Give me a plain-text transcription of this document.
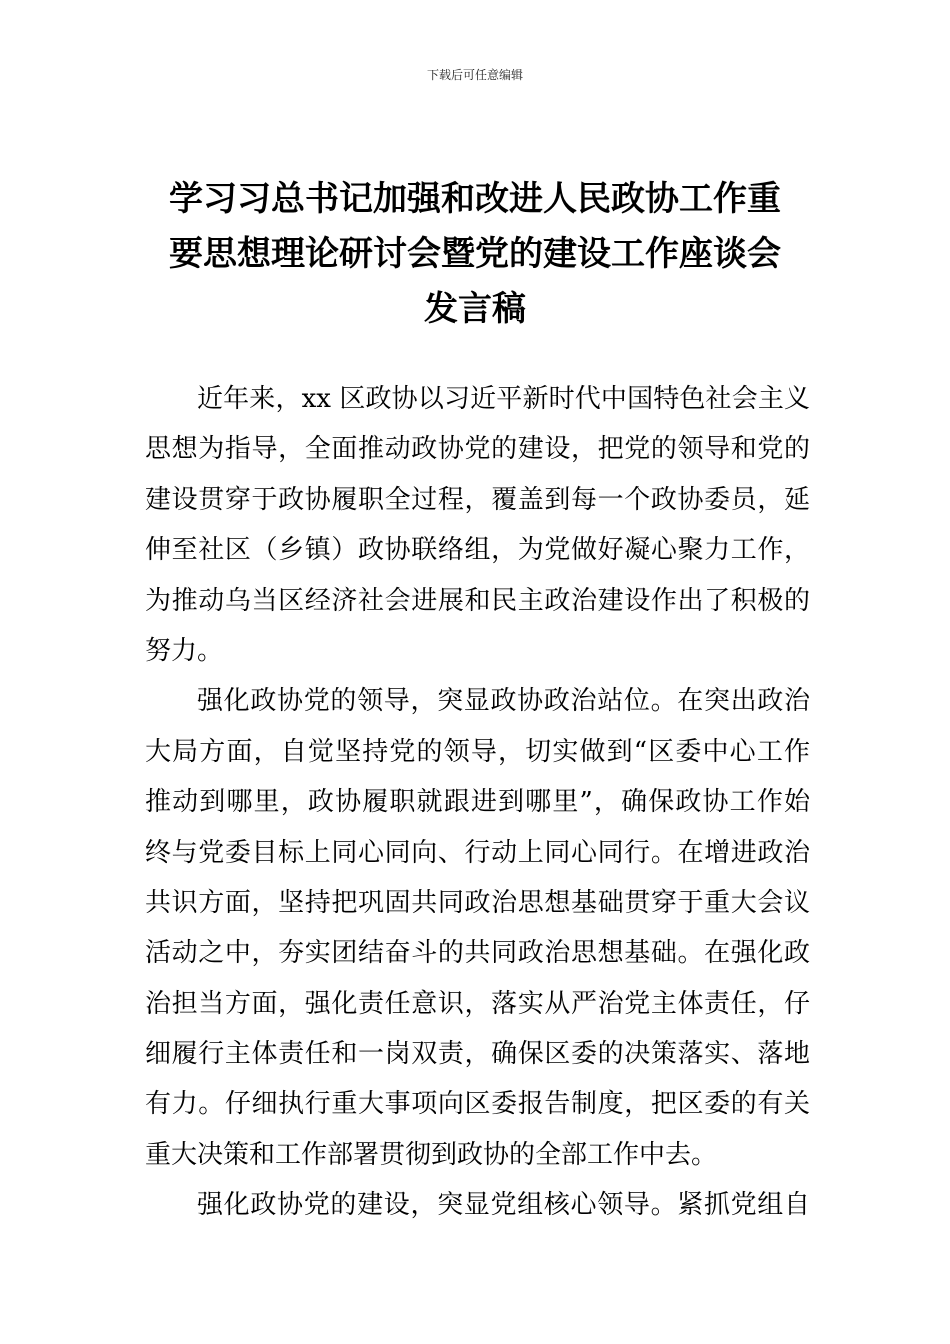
下载后可任意编辑
学习习总书记加强和改进人民政协工作重
要思想理论研讨会暨党的建设工作座谈会
发言稿
近年来，xx 区政协以习近平新时代中国特色社会主义
思想为指导，全面推动政协党的建设，把党的领导和党的
建设贯穿于政协履职全过程，覆盖到每一个政协委员，延
伸至社区（乡镇）政协联络组，为党做好凝心聚力工作，
为推动乌当区经济社会进展和民主政治建设作出了积极的
努力。
强化政协党的领导，突显政协政治站位。在突出政治
大局方面，自觉坚持党的领导，切实做到“区委中心工作
推动到哪里，政协履职就跟进到哪里”，确保政协工作始
终与党委目标上同心同向、行动上同心同行。在增进政治
共识方面，坚持把巩固共同政治思想基础贯穿于重大会议
活动之中，夯实团结奋斗的共同政治思想基础。在强化政
治担当方面，强化责任意识，落实从严治党主体责任，仔
细履行主体责任和一岗双责，确保区委的决策落实、落地
有力。仔细执行重大事项向区委报告制度，把区委的有关
重大决策和工作部署贯彻到政协的全部工作中去。
强化政协党的建设，突显党组核心领导。紧抓党组自
